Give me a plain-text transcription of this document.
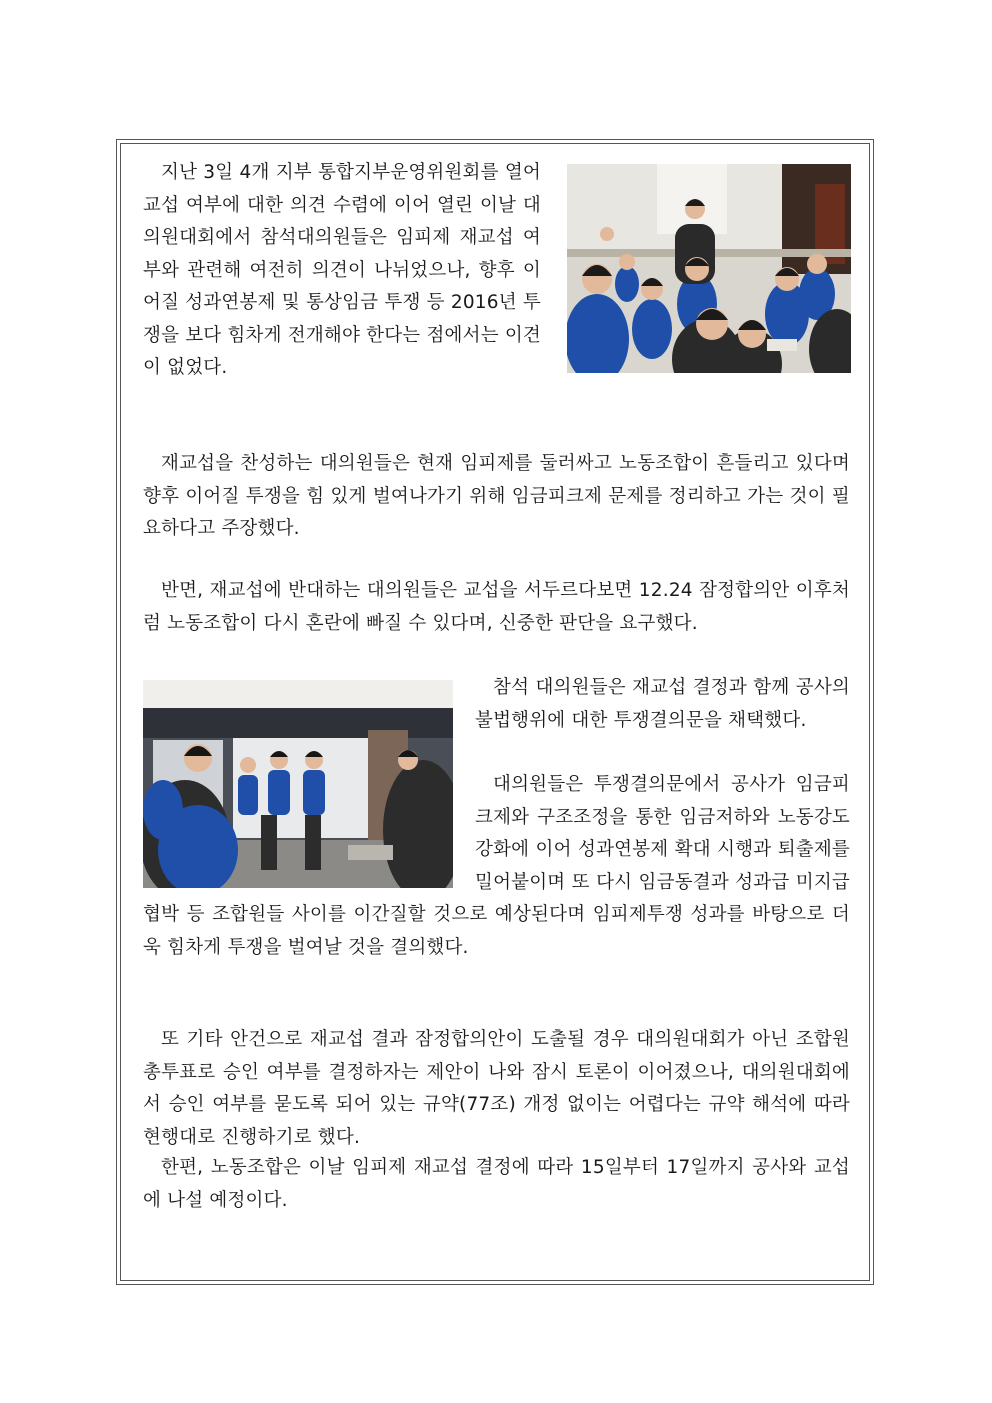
지난 3일 4개 지부 통합지부운영위원회를 열어 교섭 여부에 대한 의견 수렴에 이어 열린 이날 대의원대회에서 참석대의원들은 임피제 재교섭 여부와 관련해 여전히 의견이 나뉘었으나, 향후 이어질 성과연봉제 및 통상임금 투쟁 등 2016년 투쟁을 보다 힘차게 전개해야 한다는 점에서는 이견이 없었다.

재교섭을 찬성하는 대의원들은 현재 임피제를 둘러싸고 노동조합이 흔들리고 있다며 향후 이어질 투쟁을 힘 있게 벌여나가기 위해 임금피크제 문제를 정리하고 가는 것이 필요하다고 주장했다.

반면, 재교섭에 반대하는 대의원들은 교섭을 서두르다보면 12.24 잠정합의안 이후처럼 노동조합이 다시 혼란에 빠질 수 있다며, 신중한 판단을 요구했다.

참석 대의원들은 재교섭 결정과 함께 공사의 불법행위에 대한 투쟁결의문을 채택했다.

대의원들은 투쟁결의문에서 공사가 임금피크제와 구조조정을 통한 임금저하와 노동강도 강화에 이어 성과연봉제 확대 시행과 퇴출제를 밀어붙이며 또 다시 임금동결과 성과급 미지급 협박 등 조합원들 사이를 이간질할 것으로 예상된다며 임피제투쟁 성과를 바탕으로 더욱 힘차게 투쟁을 벌여날 것을 결의했다.

또 기타 안건으로 재교섭 결과 잠정합의안이 도출될 경우 대의원대회가 아닌 조합원총투표로 승인 여부를 결정하자는 제안이 나와 잠시 토론이 이어졌으나, 대의원대회에서 승인 여부를 묻도록 되어 있는 규약(77조) 개정 없이는 어렵다는 규약 해석에 따라 현행대로 진행하기로 했다.

한편, 노동조합은 이날 임피제 재교섭 결정에 따라 15일부터 17일까지 공사와 교섭에 나설 예정이다.
